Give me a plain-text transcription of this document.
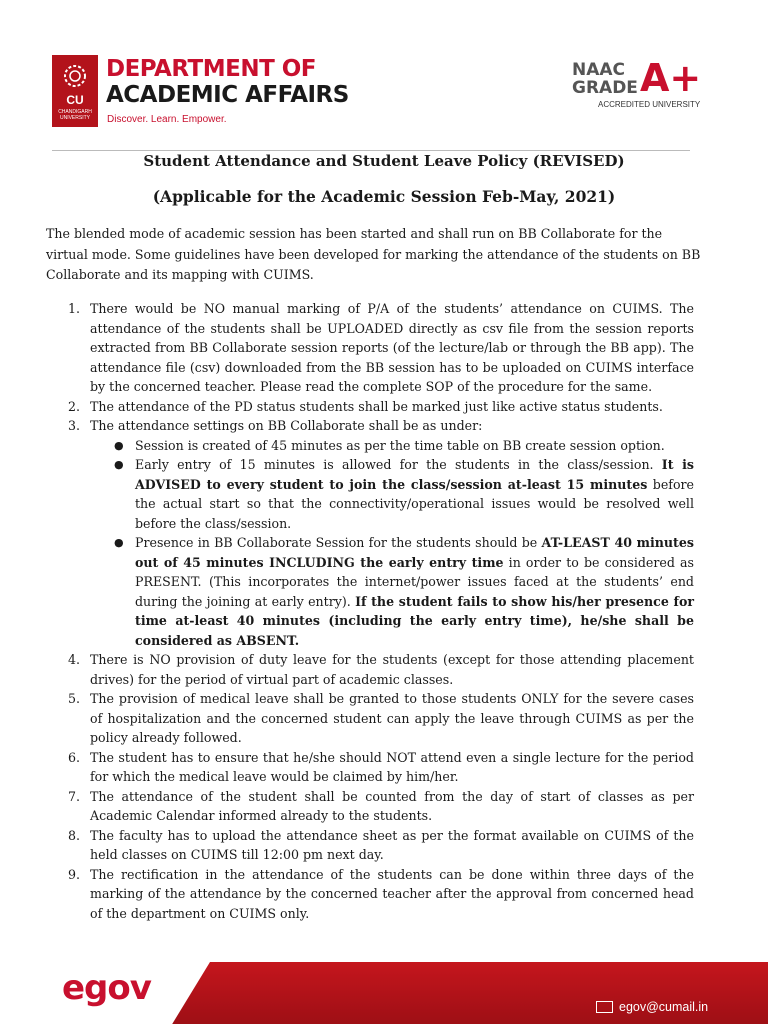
CU
CHANDIGARH UNIVERSITY
DEPARTMENT OF
ACADEMIC AFFAIRS
Discover. Learn. Empower.
NAAC
GRADE A+
ACCREDITED UNIVERSITY
Student Attendance and Student Leave Policy (REVISED)
(Applicable for the Academic Session Feb-May, 2021)

The blended mode of academic session has been started and shall run on BB Collaborate for the virtual mode. Some guidelines have been developed for marking the attendance of the students on BB Collaborate and its mapping with CUIMS.

1. There would be NO manual marking of P/A of the students’ attendance on CUIMS. The attendance of the students shall be UPLOADED directly as csv file from the session reports extracted from BB Collaborate session reports (of the lecture/lab or through the BB app). The attendance file (csv) downloaded from the BB session has to be uploaded on CUIMS interface by the concerned teacher. Please read the complete SOP of the procedure for the same.
2. The attendance of the PD status students shall be marked just like active status students.
3. The attendance settings on BB Collaborate shall be as under:
● Session is created of 45 minutes as per the time table on BB create session option.
● Early entry of 15 minutes is allowed for the students in the class/session. It is ADVISED to every student to join the class/session at-least 15 minutes before the actual start so that the connectivity/operational issues would be resolved well before the class/session.
● Presence in BB Collaborate Session for the students should be AT-LEAST 40 minutes out of 45 minutes INCLUDING the early entry time in order to be considered as PRESENT. (This incorporates the internet/power issues faced at the students’ end during the joining at early entry). If the student fails to show his/her presence for time at-least 40 minutes (including the early entry time), he/she shall be considered as ABSENT.
4. There is NO provision of duty leave for the students (except for those attending placement drives) for the period of virtual part of academic classes.
5. The provision of medical leave shall be granted to those students ONLY for the severe cases of hospitalization and the concerned student can apply the leave through CUIMS as per the policy already followed.
6. The student has to ensure that he/she should NOT attend even a single lecture for the period for which the medical leave would be claimed by him/her.
7. The attendance of the student shall be counted from the day of start of classes as per Academic Calendar informed already to the students.
8. The faculty has to upload the attendance sheet as per the format available on CUIMS of the held classes on CUIMS till 12:00 pm next day.
9. The rectification in the attendance of the students can be done within three days of the marking of the attendance by the concerned teacher after the approval from concerned head of the department on CUIMS only.
egov	egov@cumail.in
